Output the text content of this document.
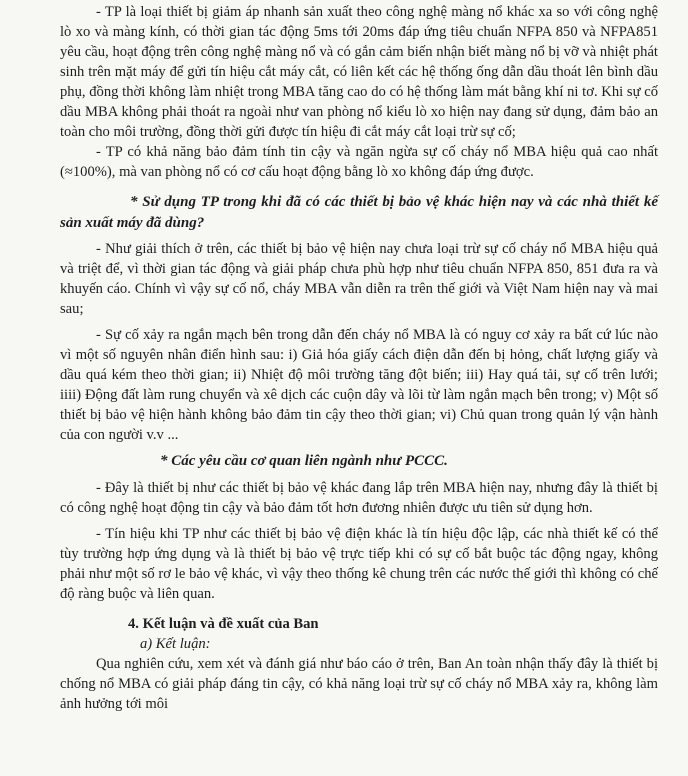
- TP là loại thiết bị giảm áp nhanh sản xuất theo công nghệ màng nổ khác xa so với công nghệ lò xo và màng kính, có thời gian tác động 5ms tới 20ms đáp ứng tiêu chuẩn NFPA 850 và NFPA851 yêu cầu, hoạt động trên công nghệ màng nổ và có gắn cảm biến nhận biết màng nổ bị vỡ và nhiệt phát sinh trên mặt máy để gửi tín hiệu cắt máy cắt, có liên kết các hệ thống ống dẫn dầu thoát lên bình dầu phụ, đồng thời không làm nhiệt trong MBA tăng cao do có hệ thống làm mát bằng khí ni tơ. Khi sự cố dầu MBA không phải thoát ra ngoài như van phòng nổ kiểu lò xo hiện nay đang sử dụng, đảm bảo an toàn cho môi trường, đồng thời gửi được tín hiệu đi cắt máy cắt loại trừ sự cố;

- TP có khả năng bảo đảm tính tin cậy và ngăn ngừa sự cố cháy nổ MBA hiệu quả cao nhất (≈100%), mà van phòng nổ có cơ cấu hoạt động bằng lò xo không đáp ứng được.

* Sử dụng TP trong khi đã có các thiết bị bảo vệ khác hiện nay và các nhà thiết kế sản xuất máy đã dùng?

- Như giải thích ở trên, các thiết bị bảo vệ hiện nay chưa loại trừ sự cố cháy nổ MBA hiệu quả và triệt để, vì thời gian tác động và giải pháp chưa phù hợp như tiêu chuẩn NFPA 850, 851 đưa ra và khuyến cáo. Chính vì vậy sự cố nổ, cháy MBA vẫn diễn ra trên thế giới và Việt Nam hiện nay và mai sau;

- Sự cố xảy ra ngắn mạch bên trong dẫn đến cháy nổ MBA là có nguy cơ xảy ra bất cứ lúc nào vì một số nguyên nhân điển hình sau: i) Giả hóa giấy cách điện dẫn đến bị hỏng, chất lượng giấy và dầu quá kém theo thời gian; ii) Nhiệt độ môi trường tăng đột biến; iii) Hay quá tải, sự cố trên lưới; iiii) Động đất làm rung chuyển và xê dịch các cuộn dây và lõi từ làm ngắn mạch bên trong; v) Một số thiết bị bảo vệ hiện hành không bảo đảm tin cậy theo thời gian; vi) Chủ quan trong quản lý vận hành của con người v.v ...

* Các yêu cầu cơ quan liên ngành như PCCC.

- Đây là thiết bị như các thiết bị bảo vệ khác đang lắp trên MBA hiện nay, nhưng đây là thiết bị có công nghệ hoạt động tin cậy và bảo đảm tốt hơn đương nhiên được ưu tiên sử dụng hơn.

- Tín hiệu khi TP như các thiết bị bảo vệ điện khác là tín hiệu độc lập, các nhà thiết kế có thể tùy trường hợp ứng dụng và là thiết bị bảo vệ trực tiếp khi có sự cố bắt buộc tác động ngay, không phải như một số rơ le bảo vệ khác, vì vậy theo thống kê chung trên các nước thế giới thì không có chế độ ràng buộc và liên quan.

4. Kết luận và đề xuất của Ban

a) Kết luận:

Qua nghiên cứu, xem xét và đánh giá như báo cáo ở trên, Ban An toàn nhận thấy đây là thiết bị chống nổ MBA có giải pháp đáng tin cậy, có khả năng loại trừ sự cố cháy nổ MBA xảy ra, không làm ảnh hưởng tới môi
